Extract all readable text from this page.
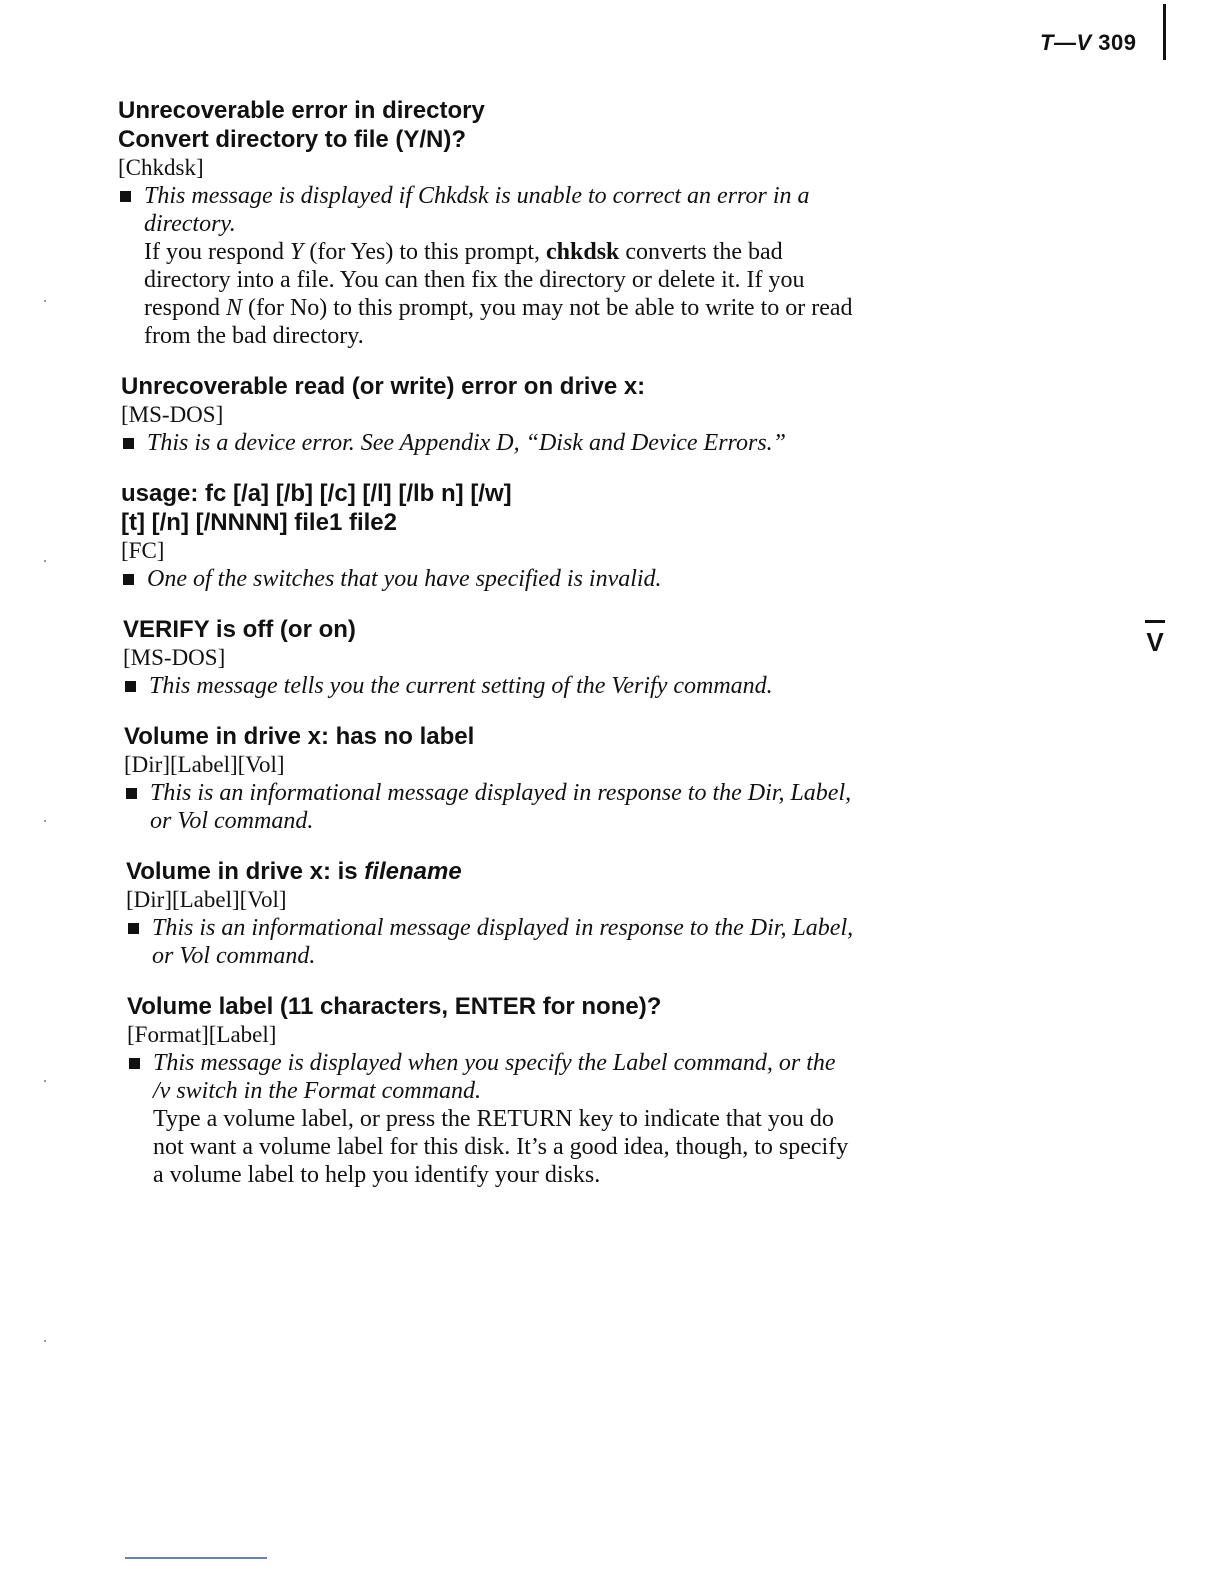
T—V 309
V

Unrecoverable error in directory

Convert directory to file (Y/N)?

[Chkdsk]

This message is displayed if Chkdsk is unable to correct an error in a directory.

If you respond Y (for Yes) to this prompt, chkdsk converts the bad directory into a file. You can then fix the directory or delete it. If you respond N (for No) to this prompt, you may not be able to write to or read from the bad directory.

Unrecoverable read (or write) error on drive x:

[MS-DOS]

This is a device error. See Appendix D, “Disk and Device Errors.”

usage: fc [/a] [/b] [/c] [/l] [/lb n] [/w]

[t] [/n] [/NNNN] file1 file2

[FC]

One of the switches that you have specified is invalid.

VERIFY is off (or on)

[MS-DOS]

This message tells you the current setting of the Verify command.

Volume in drive x: has no label

[Dir][Label][Vol]

This is an informational message displayed in response to the Dir, Label, or Vol command.

Volume in drive x: is filename

[Dir][Label][Vol]

This is an informational message displayed in response to the Dir, Label, or Vol command.

Volume label (11 characters, ENTER for none)?

[Format][Label]

This message is displayed when you specify the Label command, or the /v switch in the Format command.

Type a volume label, or press the RETURN key to indicate that you do not want a volume label for this disk. It’s a good idea, though, to specify a volume label to help you identify your disks.
